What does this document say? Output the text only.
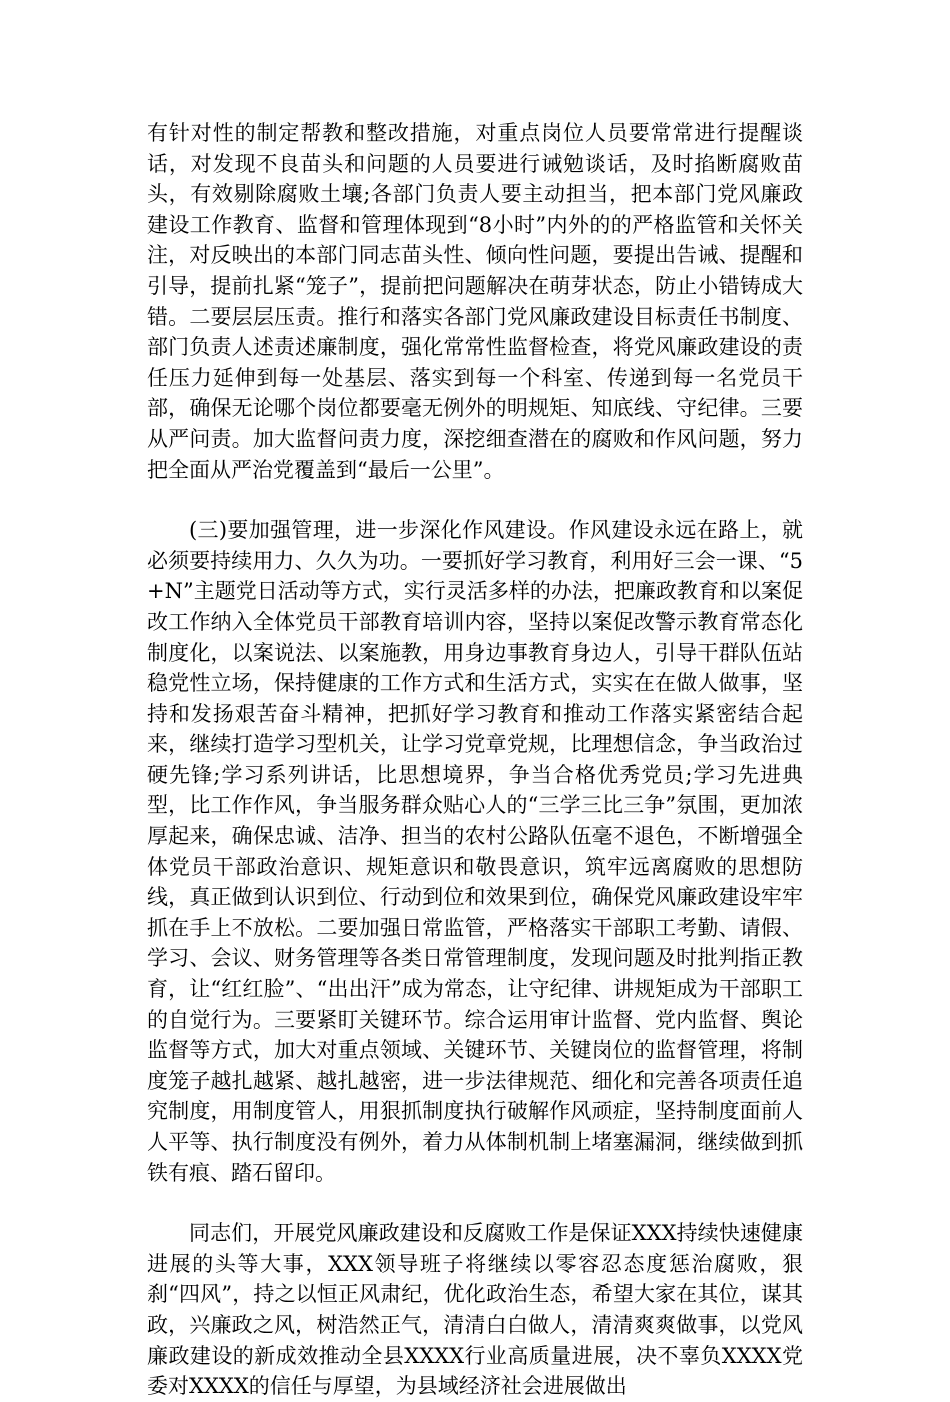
有针对性的制定帮教和整改措施，对重点岗位人员要常常进行提醒谈话，对发现不良苗头和问题的人员要进行诫勉谈话，及时掐断腐败苗头，有效剔除腐败土壤;各部门负责人要主动担当，把本部门党风廉政建设工作教育、监督和管理体现到“8小时”内外的的严格监管和关怀关注，对反映出的本部门同志苗头性、倾向性问题，要提出告诫、提醒和引导，提前扎紧“笼子”，提前把问题解决在萌芽状态，防止小错铸成大错。二要层层压责。推行和落实各部门党风廉政建设目标责任书制度、部门负责人述责述廉制度，强化常常性监督检查，将党风廉政建设的责任压力延伸到每一处基层、落实到每一个科室、传递到每一名党员干部，确保无论哪个岗位都要毫无例外的明规矩、知底线、守纪律。三要从严问责。加大监督问责力度，深挖细查潜在的腐败和作风问题，努力把全面从严治党覆盖到“最后一公里”。

(三)要加强管理，进一步深化作风建设。作风建设永远在路上，就必须要持续用力、久久为功。一要抓好学习教育，利用好三会一课、“5+N”主题党日活动等方式，实行灵活多样的办法，把廉政教育和以案促改工作纳入全体党员干部教育培训内容，坚持以案促改警示教育常态化制度化，以案说法、以案施教，用身边事教育身边人，引导干群队伍站稳党性立场，保持健康的工作方式和生活方式，实实在在做人做事，坚持和发扬艰苦奋斗精神，把抓好学习教育和推动工作落实紧密结合起来，继续打造学习型机关，让学习党章党规，比理想信念，争当政治过硬先锋;学习系列讲话，比思想境界，争当合格优秀党员;学习先进典型，比工作作风，争当服务群众贴心人的“三学三比三争”氛围，更加浓厚起来，确保忠诚、洁净、担当的农村公路队伍毫不退色，不断增强全体党员干部政治意识、规矩意识和敬畏意识，筑牢远离腐败的思想防线，真正做到认识到位、行动到位和效果到位，确保党风廉政建设牢牢抓在手上不放松。二要加强日常监管，严格落实干部职工考勤、请假、学习、会议、财务管理等各类日常管理制度，发现问题及时批判指正教育，让“红红脸”、“出出汗”成为常态，让守纪律、讲规矩成为干部职工的自觉行为。三要紧盯关键环节。综合运用审计监督、党内监督、舆论监督等方式，加大对重点领域、关键环节、关键岗位的监督管理，将制度笼子越扎越紧、越扎越密，进一步法律规范、细化和完善各项责任追究制度，用制度管人，用狠抓制度执行破解作风顽症，坚持制度面前人人平等、执行制度没有例外，着力从体制机制上堵塞漏洞，继续做到抓铁有痕、踏石留印。

同志们，开展党风廉政建设和反腐败工作是保证XXX持续快速健康进展的头等大事，XXX领导班子将继续以零容忍态度惩治腐败，狠刹“四风”，持之以恒正风肃纪，优化政治生态，希望大家在其位，谋其政，兴廉政之风，树浩然正气，清清白白做人，清清爽爽做事，以党风廉政建设的新成效推动全县XXXX行业高质量进展，决不辜负XXXX党委对XXXX的信任与厚望，为县域经济社会进展做出
